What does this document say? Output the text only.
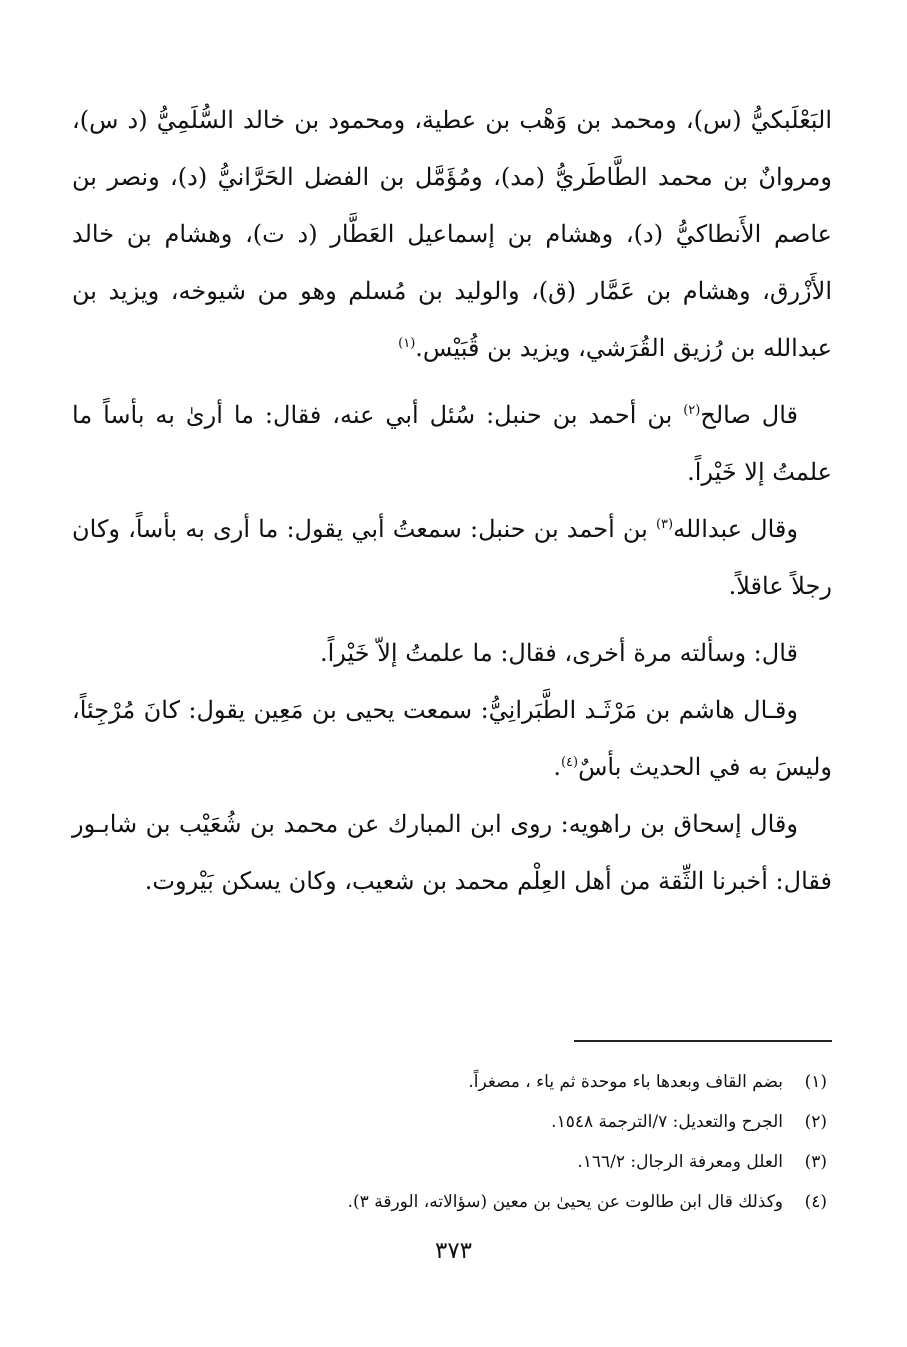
البَعْلَبكيُّ (س)، ومحمد بن وَهْب بن عطية، ومحمود بن خالد السُّلَمِيُّ (د س)، ومروانٌ بن محمد الطَّاطَريُّ (مد)، ومُؤَمَّل بن الفضل الحَرَّانيُّ (د)، ونصر بن عاصم الأَنطاكيُّ (د)، وهشام بن إسماعيل العَطَّار (د ت)، وهشام بن خالد الأَزْرق، وهشام بن عَمَّار (ق)، والوليد بن مُسلم وهو من شيوخه، ويزيد بن عبدالله بن رُزيق القُرَشي، ويزيد بن قُبَيْس.$^{(١)}$

قال صالح$^{(٢)}$ بن أحمد بن حنبل: سُئل أبي عنه، فقال: ما أرىٰ به بأساً ما علمتُ إلا خَيْراً.

وقال عبدالله$^{(٣)}$ بن أحمد بن حنبل: سمعتُ أبي يقول: ما أرى به بأساً، وكان رجلاً عاقلاً.

قال: وسألته مرة أخرى، فقال: ما علمتُ إلاّ خَيْراً.

وقـال هاشم بن مَرْثَـد الطَّبَرانِيُّ: سمعت يحيى بن مَعِين يقول: كانَ مُرْجِئاً، وليسَ به في الحديث بأسٌ$^{(٤)}$.

وقال إسحاق بن راهويه: روى ابن المبارك عن محمد بن شُعَيْب بن شابـور فقال: أخبرنا الثِّقة من أهل العِلْم محمد بن شعيب، وكان يسكن بَيْروت.

(١)
بضم القاف وبعدها باء موحدة ثم ياء ، مصغراً.
(٢)
الجرح والتعديل: ٧/الترجمة ١٥٤٨.
(٣)
العلل ومعرفة الرجال: ١٦٦/٢.
(٤)
وكذلك قال ابن طالوت عن يحيىٰ بن معين (سؤالاته، الورقة ٣).
٣٧٣
